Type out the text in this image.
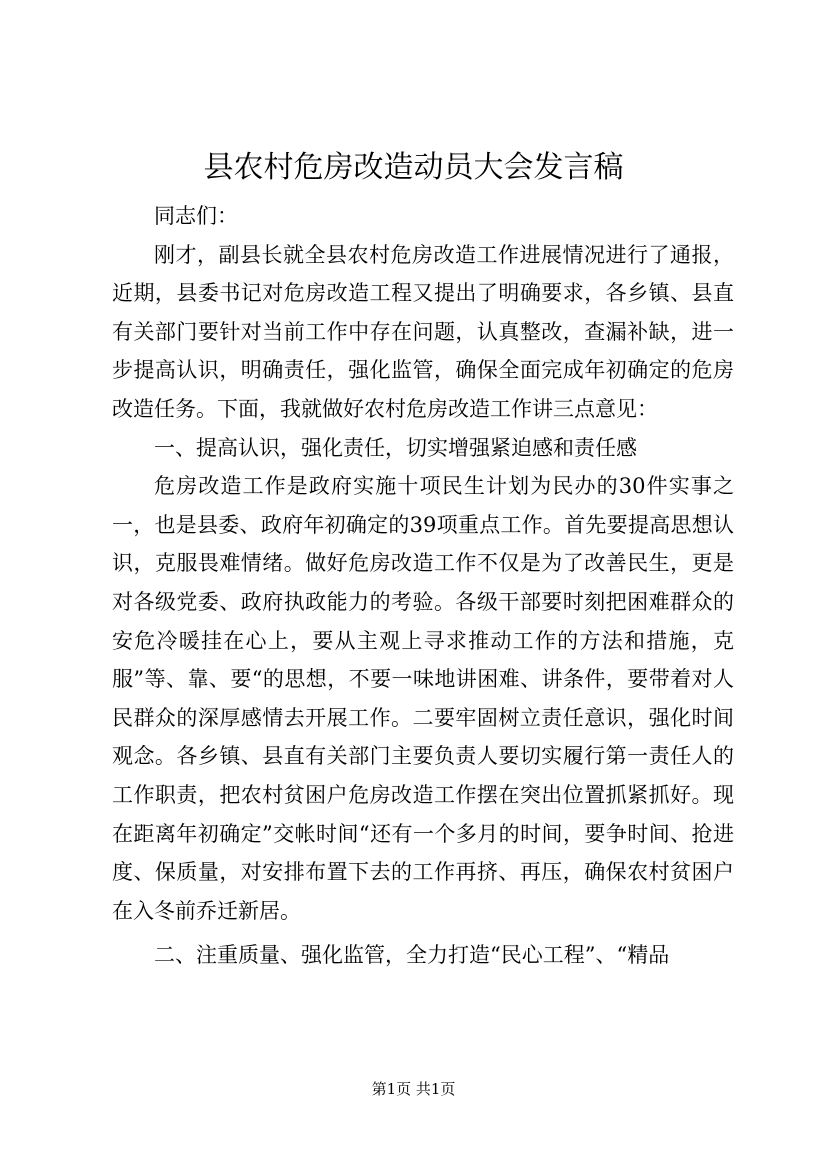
县农村危房改造动员大会发言稿

同志们：

刚才，副县长就全县农村危房改造工作进展情况进行了通报，近期，县委书记对危房改造工程又提出了明确要求，各乡镇、县直有关部门要针对当前工作中存在问题，认真整改，查漏补缺，进一步提高认识，明确责任，强化监管，确保全面完成年初确定的危房改造任务。下面，我就做好农村危房改造工作讲三点意见：

一、提高认识，强化责任，切实增强紧迫感和责任感

危房改造工作是政府实施十项民生计划为民办的30件实事之一，也是县委、政府年初确定的39项重点工作。首先要提高思想认识，克服畏难情绪。做好危房改造工作不仅是为了改善民生，更是对各级党委、政府执政能力的考验。各级干部要时刻把困难群众的安危冷暖挂在心上，要从主观上寻求推动工作的方法和措施，克服”等、靠、要“的思想，不要一味地讲困难、讲条件，要带着对人民群众的深厚感情去开展工作。二要牢固树立责任意识，强化时间观念。各乡镇、县直有关部门主要负责人要切实履行第一责任人的工作职责，把农村贫困户危房改造工作摆在突出位置抓紧抓好。现在距离年初确定”交帐时间“还有一个多月的时间，要争时间、抢进度、保质量，对安排布置下去的工作再挤、再压，确保农村贫困户在入冬前乔迁新居。

二、注重质量、强化监管，全力打造“民心工程”、“精品

第1页 共1页
